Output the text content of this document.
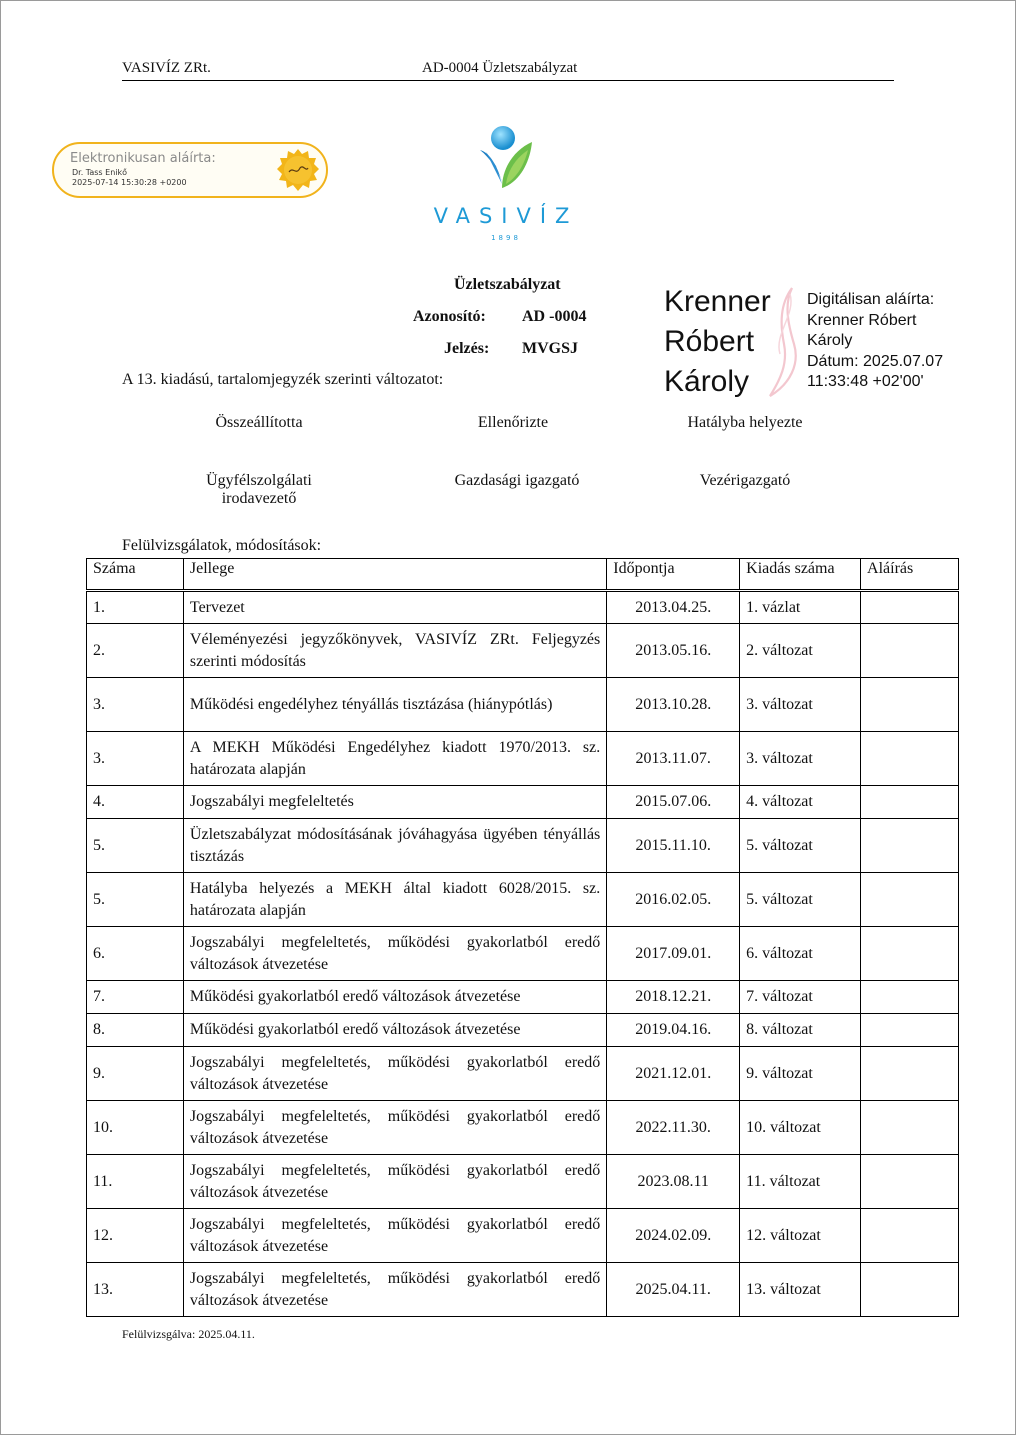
VASIVÍZ ZRt.	AD-0004 Üzletszabályzat
Elektronikusan aláírta:
Dr. Tass Enikő
2025-07-14 15:30:28 +0200
VASIVÍZ
1898
Üzletszabályzat
Azonosító: AD -0004
Jelzés: MVGSJ
Krenner
Róbert
Károly
Digitálisan aláírta:
Krenner Róbert
Károly
Dátum: 2025.07.07
11:33:48 +02'00'
A 13. kiadású, tartalomjegyzék szerinti változatot:
Összeállította	Ellenőrizte	Hatályba helyezte
Ügyfélszolgálati
irodavezető
Gazdasági igazgató	Vezérigazgató
Felülvizsgálatok, módosítások:
Száma	Jellege	Időpontja	Kiadás száma	Aláírás
1.	Tervezet	2013.04.25.	1. vázlat	
2.	Véleményezési jegyzőkönyvek, VASIVÍZ ZRt. Feljegyzés szerinti módosítás	2013.05.16.	2. változat	
3.	Működési engedélyhez tényállás tisztázása (hiánypótlás)	2013.10.28.	3. változat	
3.	A MEKH Működési Engedélyhez kiadott 1970/2013. sz. határozata alapján	2013.11.07.	3. változat	
4.	Jogszabályi megfeleltetés	2015.07.06.	4. változat	
5.	Üzletszabályzat módosításának jóváhagyása ügyében tényállás tisztázás	2015.11.10.	5. változat	
5.	Hatályba helyezés a MEKH által kiadott 6028/2015. sz. határozata alapján	2016.02.05.	5. változat	
6.	Jogszabályi megfeleltetés, működési gyakorlatból eredő változások átvezetése	2017.09.01.	6. változat	
7.	Működési gyakorlatból eredő változások átvezetése	2018.12.21.	7. változat	
8.	Működési gyakorlatból eredő változások átvezetése	2019.04.16.	8. változat	
9.	Jogszabályi megfeleltetés, működési gyakorlatból eredő változások átvezetése	2021.12.01.	9. változat	
10.	Jogszabályi megfeleltetés, működési gyakorlatból eredő változások átvezetése	2022.11.30.	10. változat	
11.	Jogszabályi megfeleltetés, működési gyakorlatból eredő változások átvezetése	2023.08.11	11. változat	
12.	Jogszabályi megfeleltetés, működési gyakorlatból eredő változások átvezetése	2024.02.09.	12. változat	
13.	Jogszabályi megfeleltetés, működési gyakorlatból eredő változások átvezetése	2025.04.11.	13. változat	
Felülvizsgálva: 2025.04.11.
